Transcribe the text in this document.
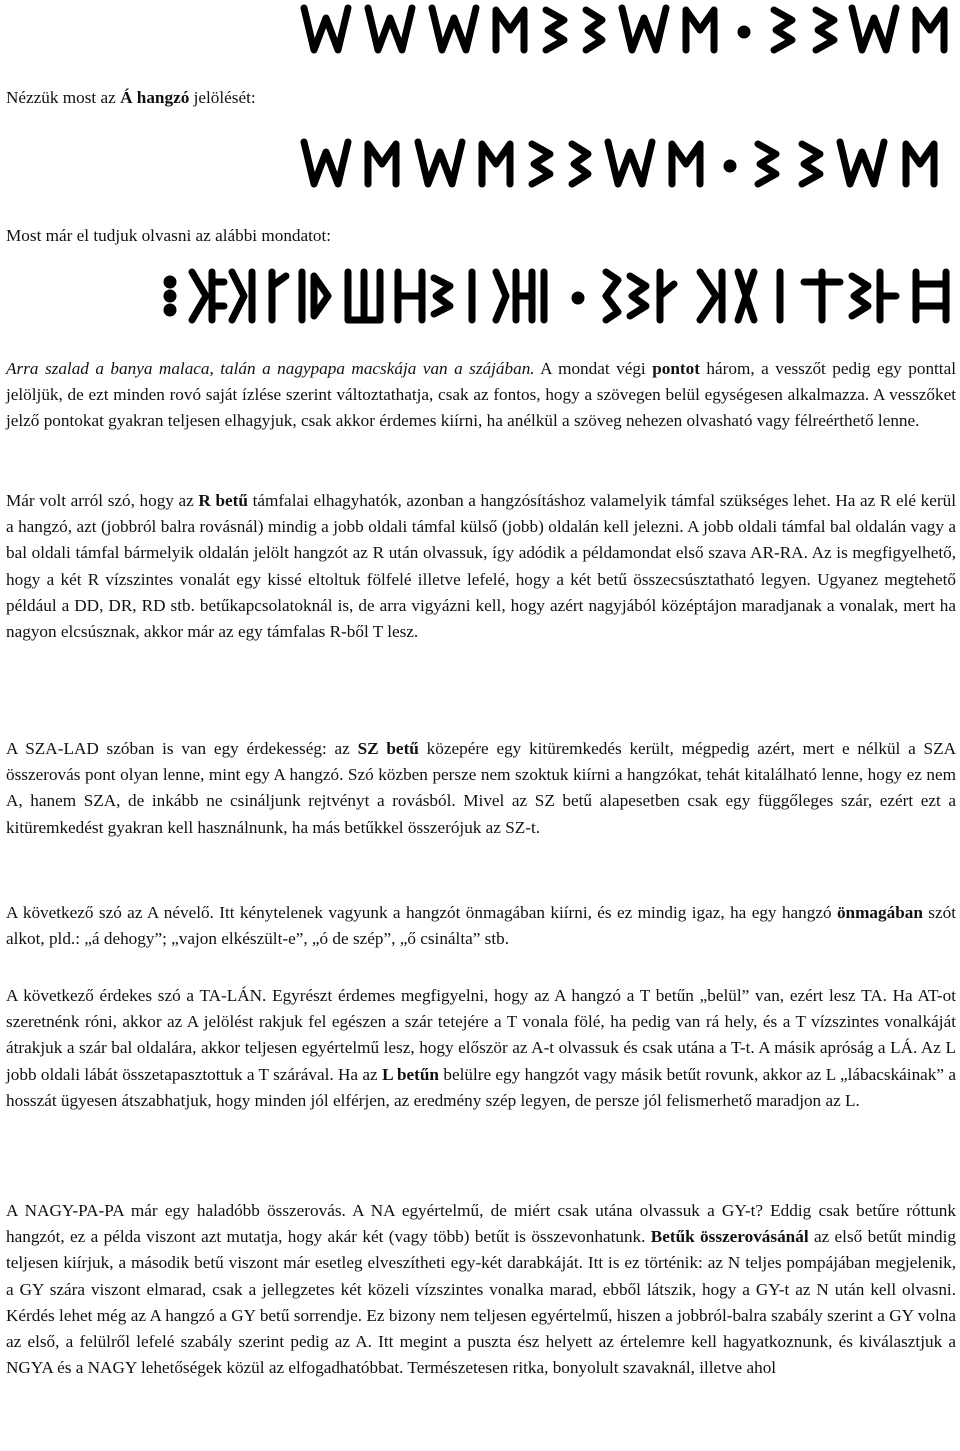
Nézzük most az Á hangzó jelölését:

Most már el tudjuk olvasni az alábbi mondatot:

Arra szalad a banya malaca, talán a nagypapa macskája van a szájában. A mondat végi pontot három, a vesszőt pedig egy ponttal jelöljük, de ezt minden rovó saját ízlése szerint változtathatja, csak az fontos, hogy a szövegen belül egységesen alkalmazza. A vesszőket jelző pontokat gyakran teljesen elhagyjuk, csak akkor érdemes kiírni, ha anélkül a szöveg nehezen olvasható vagy félreérthető lenne.

Már volt arról szó, hogy az R betű támfalai elhagyhatók, azonban a hangzósításhoz valamelyik támfal szükséges lehet. Ha az R elé kerül a hangzó, azt (jobbról balra rovásnál) mindig a jobb oldali támfal külső (jobb) oldalán kell jelezni. A jobb oldali támfal bal oldalán vagy a bal oldali támfal bármelyik oldalán jelölt hangzót az R után olvassuk, így adódik a példamondat első szava AR-RA. Az is megfigyelhető, hogy a két R vízszintes vonalát egy kissé eltoltuk fölfelé illetve lefelé, hogy a két betű összecsúsztatható legyen. Ugyanez megtehető például a DD, DR, RD stb. betűkapcsolatoknál is, de arra vigyázni kell, hogy azért nagyjából középtájon maradjanak a vonalak, mert ha nagyon elcsúsznak, akkor már az egy támfalas R-ből T lesz.

A SZA-LAD szóban is van egy érdekesség: az SZ betű közepére egy kitüremkedés került, mégpedig azért, mert e nélkül a SZA összerovás pont olyan lenne, mint egy A hangzó. Szó közben persze nem szoktuk kiírni a hangzókat, tehát kitalálható lenne, hogy ez nem A, hanem SZA, de inkább ne csináljunk rejtvényt a rovásból. Mivel az SZ betű alapesetben csak egy függőleges szár, ezért ezt a kitüremkedést gyakran kell használnunk, ha más betűkkel összerójuk az SZ-t.

A következő szó az A névelő. Itt kénytelenek vagyunk a hangzót önmagában kiírni, és ez mindig igaz, ha egy hangzó önmagában szót alkot, pld.: „á dehogy”; „vajon elkészült-e”, „ó de szép”, „ő csinálta” stb.

A következő érdekes szó a TA-LÁN. Egyrészt érdemes megfigyelni, hogy az A hangzó a T betűn „belül” van, ezért lesz TA. Ha AT-ot szeretnénk róni, akkor az A jelölést rakjuk fel egészen a szár tetejére a T vonala fölé, ha pedig van rá hely, és a T vízszintes vonalkáját átrakjuk a szár bal oldalára, akkor teljesen egyértelmű lesz, hogy először az A-t olvassuk és csak utána a T-t. A másik apróság a LÁ. Az L jobb oldali lábát összetapasztottuk a T szárával. Ha az L betűn belülre egy hangzót vagy másik betűt rovunk, akkor az L „lábacskáinak” a hosszát ügyesen átszabhatjuk, hogy minden jól elférjen, az eredmény szép legyen, de persze jól felismerhető maradjon az L.

A NAGY-PA-PA már egy haladóbb összerovás. A NA egyértelmű, de miért csak utána olvassuk a GY-t? Eddig csak betűre róttunk hangzót, ez a példa viszont azt mutatja, hogy akár két (vagy több) betűt is összevonhatunk. Betűk összerovásánál az első betűt mindig teljesen kiírjuk, a második betű viszont már esetleg elveszítheti egy-két darabkáját. Itt is ez történik: az N teljes pompájában megjelenik, a GY szára viszont elmarad, csak a jellegzetes két közeli vízszintes vonalka marad, ebből látszik, hogy a GY-t az N után kell olvasni. Kérdés lehet még az A hangzó a GY betű sorrendje. Ez bizony nem teljesen egyértelmű, hiszen a jobbról-balra szabály szerint a GY volna az első, a felülről lefelé szabály szerint pedig az A. Itt megint a puszta ész helyett az értelemre kell hagyatkoznunk, és kiválasztjuk a NGYA és a NAGY lehetőségek közül az elfogadhatóbbat. Természetesen ritka, bonyolult szavaknál, illetve ahol
